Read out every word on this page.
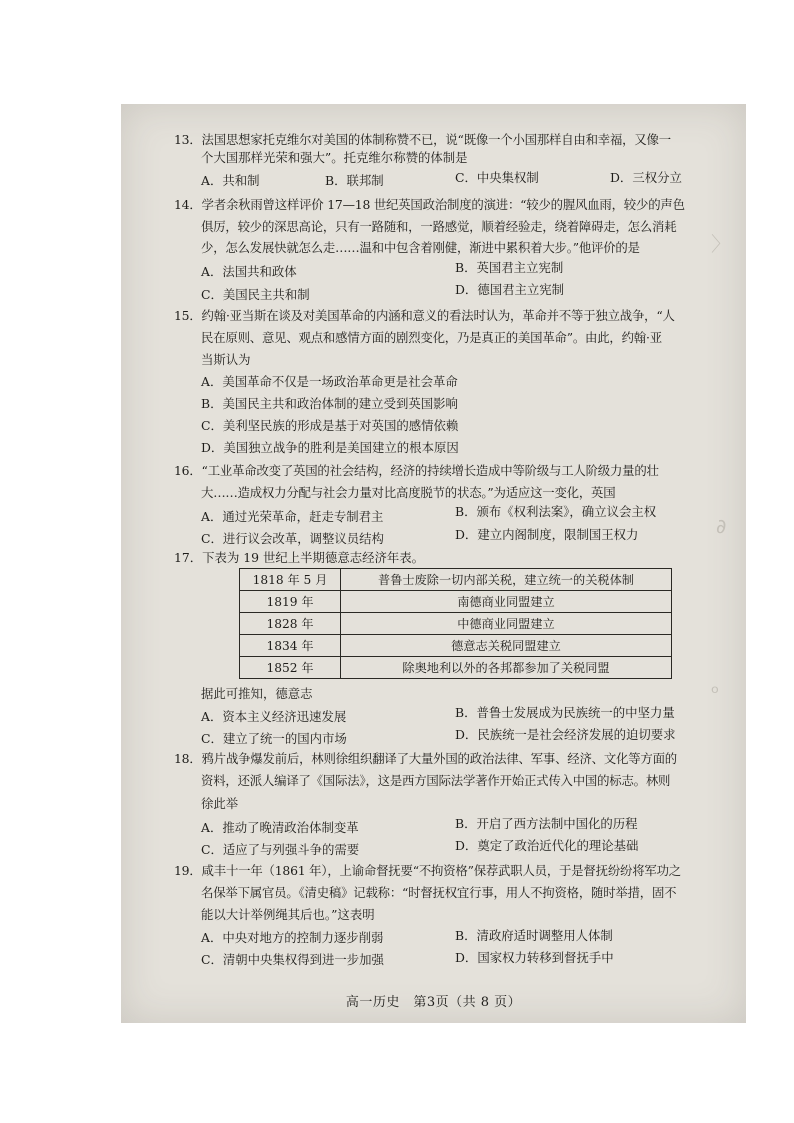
13．法国思想家托克维尔对美国的体制称赞不已，说“既像一个小国那样自由和幸福，又像一
个大国那样光荣和强大”。托克维尔称赞的体制是
A．共和制	B．联邦制	C．中央集权制	D．三权分立
14．学者余秋雨曾这样评价 17—18 世纪英国政治制度的演进：“较少的腥风血雨，较少的声色
俱厉，较少的深思高论，只有一路随和，一路感觉，顺着经验走，绕着障碍走，怎么消耗
少，怎么发展快就怎么走……温和中包含着刚健，渐进中累积着大步。”他评价的是
A．法国共和政体	B．英国君主立宪制
C．美国民主共和制	D．德国君主立宪制
15．约翰·亚当斯在谈及对美国革命的内涵和意义的看法时认为，革命并不等于独立战争，“人
民在原则、意见、观点和感情方面的剧烈变化，乃是真正的美国革命”。由此，约翰·亚
当斯认为
A．美国革命不仅是一场政治革命更是社会革命
B．美国民主共和政治体制的建立受到英国影响
C．美利坚民族的形成是基于对英国的感情依赖
D．美国独立战争的胜利是美国建立的根本原因
16．“工业革命改变了英国的社会结构，经济的持续增长造成中等阶级与工人阶级力量的壮
大……造成权力分配与社会力量对比高度脱节的状态。”为适应这一变化，英国
A．通过光荣革命，赶走专制君主	B．颁布《权利法案》，确立议会主权
C．进行议会改革，调整议员结构	D．建立内阁制度，限制国王权力
17．下表为 19 世纪上半期德意志经济年表。
1818 年 5 月	普鲁士废除一切内部关税，建立统一的关税体制
1819 年	南德商业同盟建立
1828 年	中德商业同盟建立
1834 年	德意志关税同盟建立
1852 年	除奥地利以外的各邦都参加了关税同盟
据此可推知，德意志
A．资本主义经济迅速发展	B．普鲁士发展成为民族统一的中坚力量
C．建立了统一的国内市场	D．民族统一是社会经济发展的迫切要求
18．鸦片战争爆发前后，林则徐组织翻译了大量外国的政治法律、军事、经济、文化等方面的
资料，还派人编译了《国际法》，这是西方国际法学著作开始正式传入中国的标志。林则
徐此举
A．推动了晚清政治体制变革	B．开启了西方法制中国化的历程
C．适应了与列强斗争的需要	D．奠定了政治近代化的理论基础
19．咸丰十一年（1861 年），上谕命督抚要“不拘资格”保荐武职人员，于是督抚纷纷将军功之
名保举下属官员。《清史稿》记载称：“时督抚权宜行事，用人不拘资格，随时举措，固不
能以大计举例绳其后也。”这表明
A．中央对地方的控制力逐步削弱	B．清政府适时调整用人体制
C．清朝中央集权得到进一步加强	D．国家权力转移到督抚手中
高一历史　第3页（共 8 页）
〉
∂
ₒ
